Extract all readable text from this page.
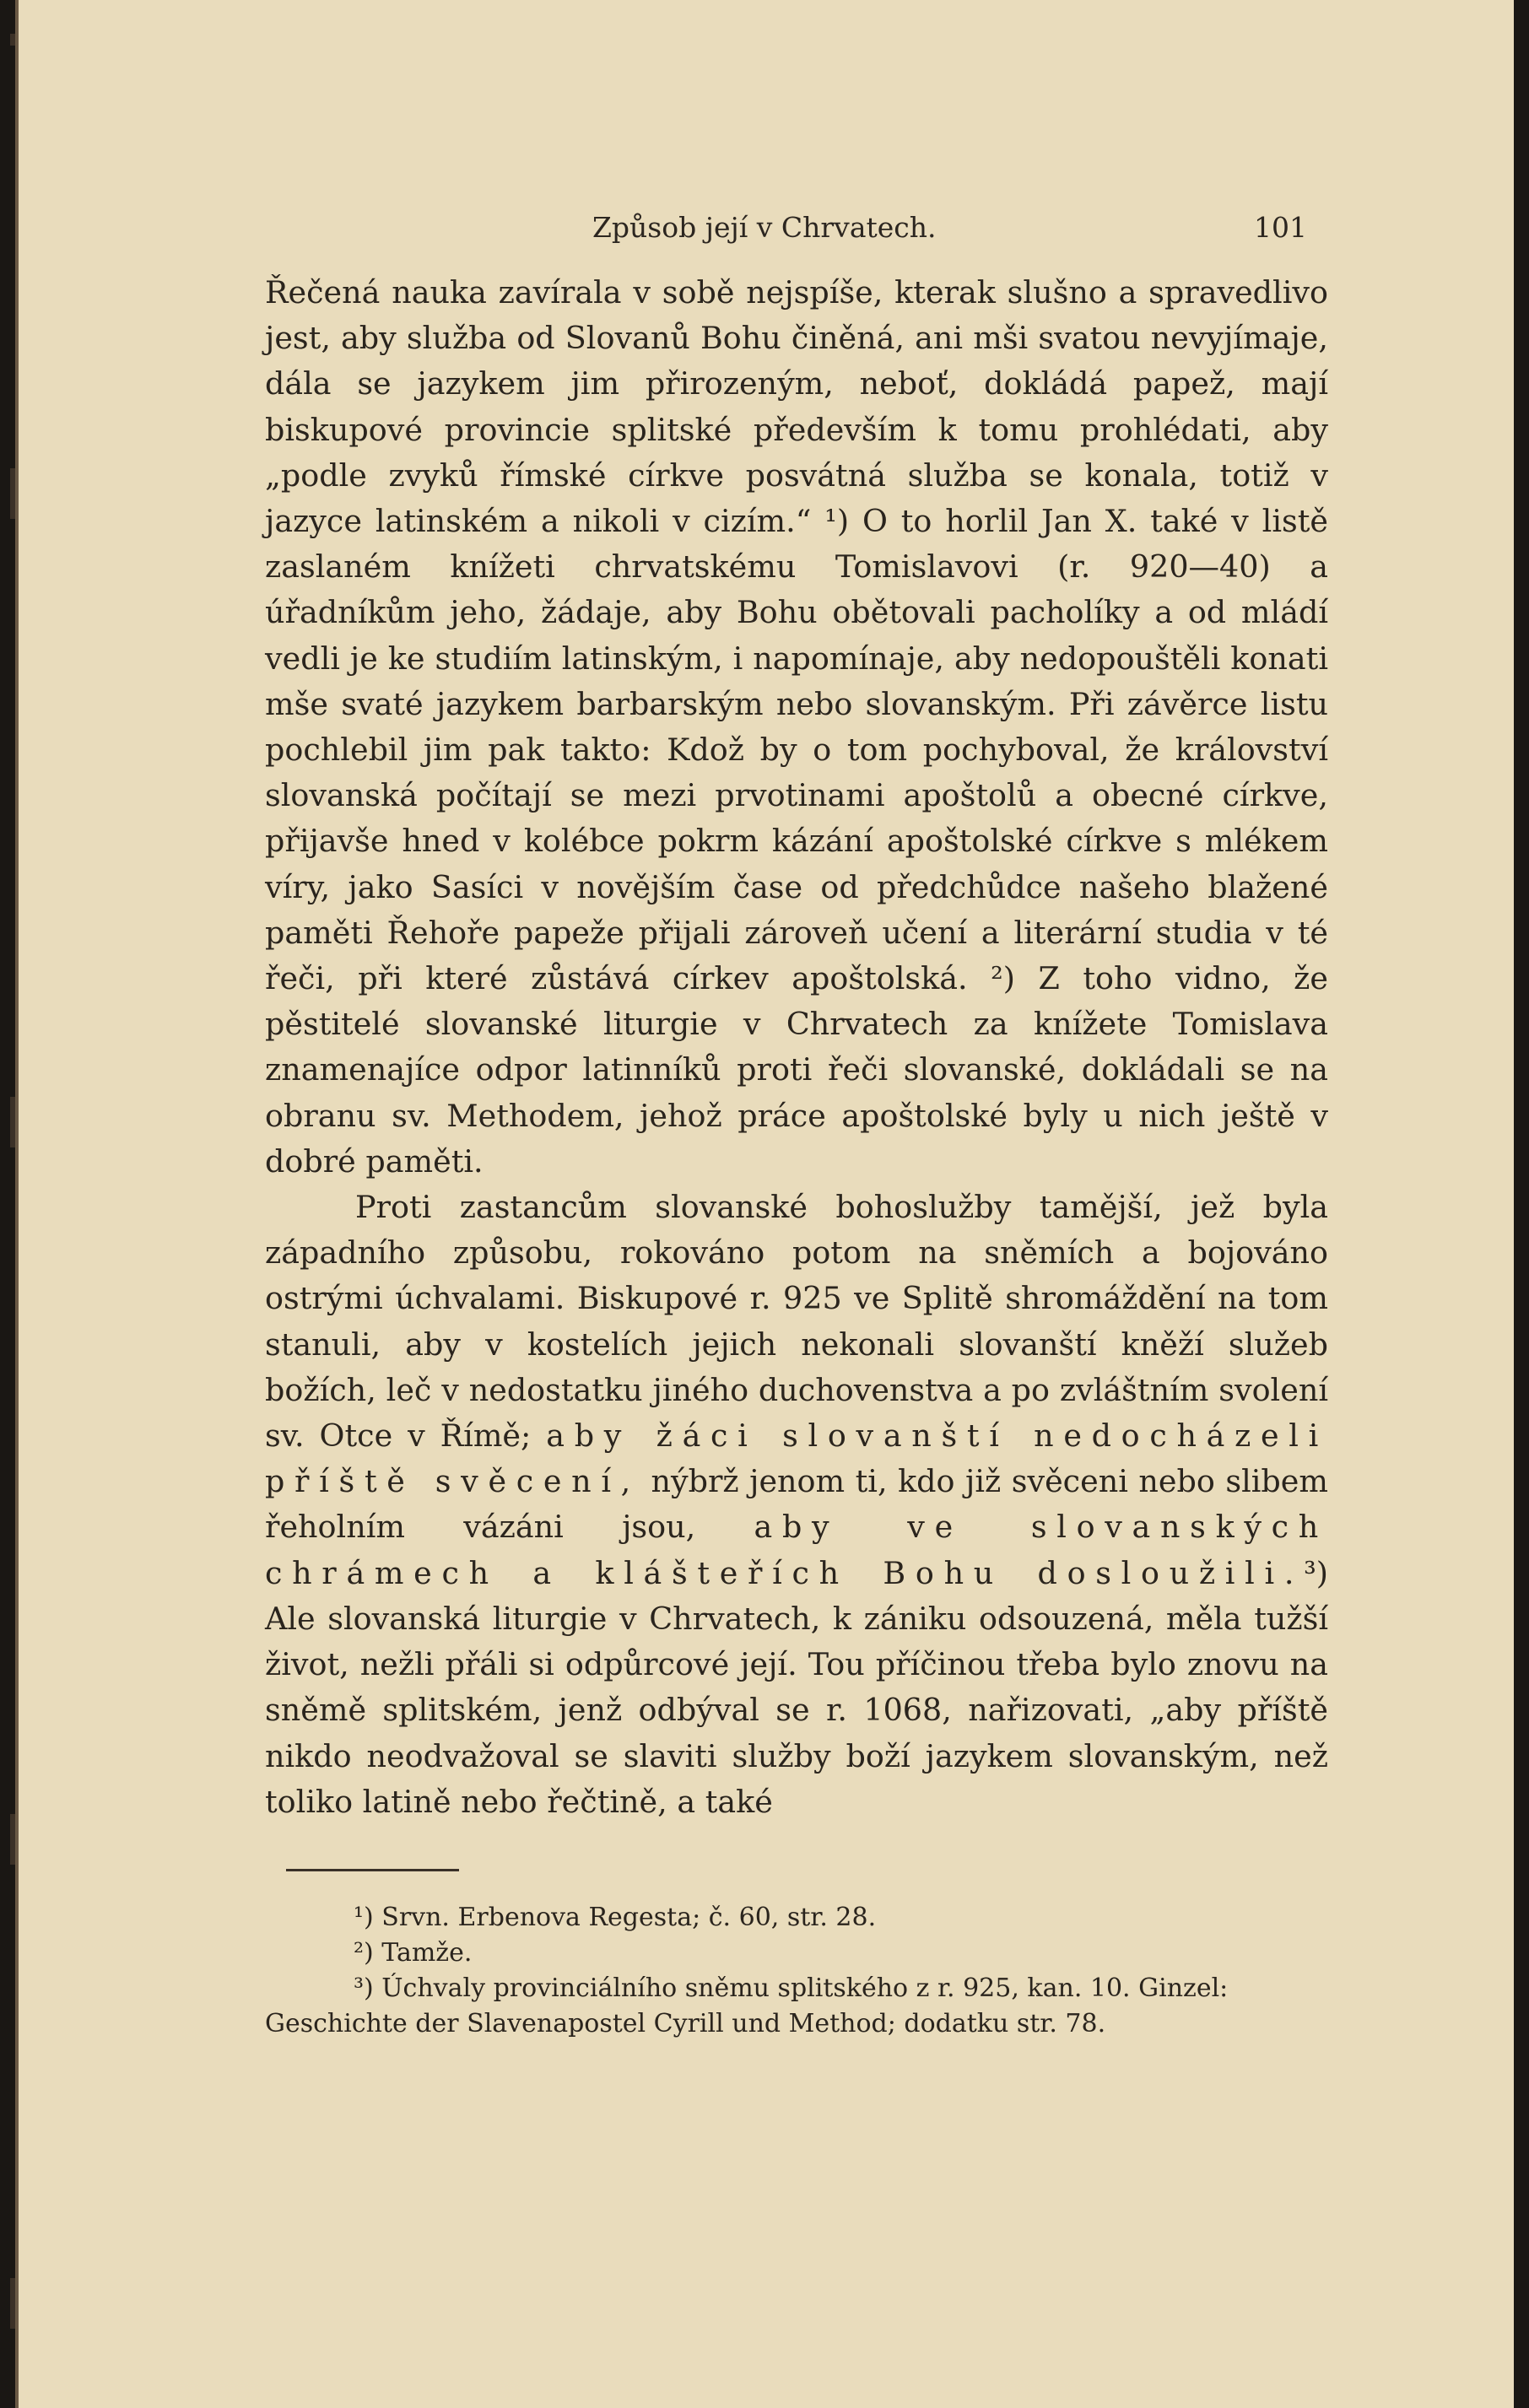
Způsob její v Chrvatech.	101

Řečená nauka zavírala v sobě nejspíše, kterak slušno a spravedlivo jest, aby služba od Slovanů Bohu činěná, ani mši svatou nevyjímaje, dála se jazykem jim přirozeným, neboť, dokládá papež, mají biskupové provincie splitské především k tomu prohlédati, aby „podle zvyků římské církve posvátná služba se konala, totiž v jazyce latinském a nikoli v cizím.“ ¹) O to horlil Jan X. také v listě zaslaném knížeti chrvatskému Tomislavovi (r. 920—40) a úřadníkům jeho, žádaje, aby Bohu obětovali pacholíky a od mládí vedli je ke studiím latinským, i napomínaje, aby nedopouštěli konati mše svaté jazykem barbarským nebo slovanským. Při závěrce listu pochlebil jim pak takto: Kdož by o tom pochyboval, že království slovanská počítají se mezi prvotinami apoštolů a obecné církve, přijavše hned v kolébce pokrm kázání apoštolské církve s mlékem víry, jako Sasíci v novějším čase od předchůdce našeho blažené paměti Řehoře papeže přijali zároveň učení a literární studia v té řeči, při které zůstává církev apoštolská. ²) Z toho vidno, že pěstitelé slovanské liturgie v Chrvatech za knížete Tomislava znamenajíce odpor latinníků proti řeči slovanské, dokládali se na obranu sv. Methodem, jehož práce apoštolské byly u nich ještě v dobré paměti.

Proti zastancům slovanské bohoslužby tamější, jež byla západního způsobu, rokováno potom na sněmích a bojováno ostrými úchvalami. Biskupové r. 925 ve Splitě shromáždění na tom stanuli, aby v kostelích jejich nekonali slovanští kněží služeb božích, leč v nedostatku jiného duchovenstva a po zvláštním svolení sv. Otce v Římě; aby žáci slovanští nedocházeli příště svěcení, nýbrž jenom ti, kdo již svěceni nebo slibem řeholním vázáni jsou, aby ve slovanských chrámech a klášteřích Bohu dosloužili.³) Ale slovanská liturgie v Chrvatech, k zániku odsouzená, měla tužší život, nežli přáli si odpůrcové její. Tou příčinou třeba bylo znovu na sněmě splitském, jenž odbýval se r. 1068, nařizovati, „aby příště nikdo neodvažoval se slaviti služby boží jazykem slovanským, než toliko latině nebo řečtině, a také

¹) Srvn. Erbenova Regesta; č. 60, str. 28.

²) Tamže.

³) Úchvaly provinciálního sněmu splitského z r. 925, kan. 10. Ginzel:

Geschichte der Slavenapostel Cyrill und Method; dodatku str. 78.
